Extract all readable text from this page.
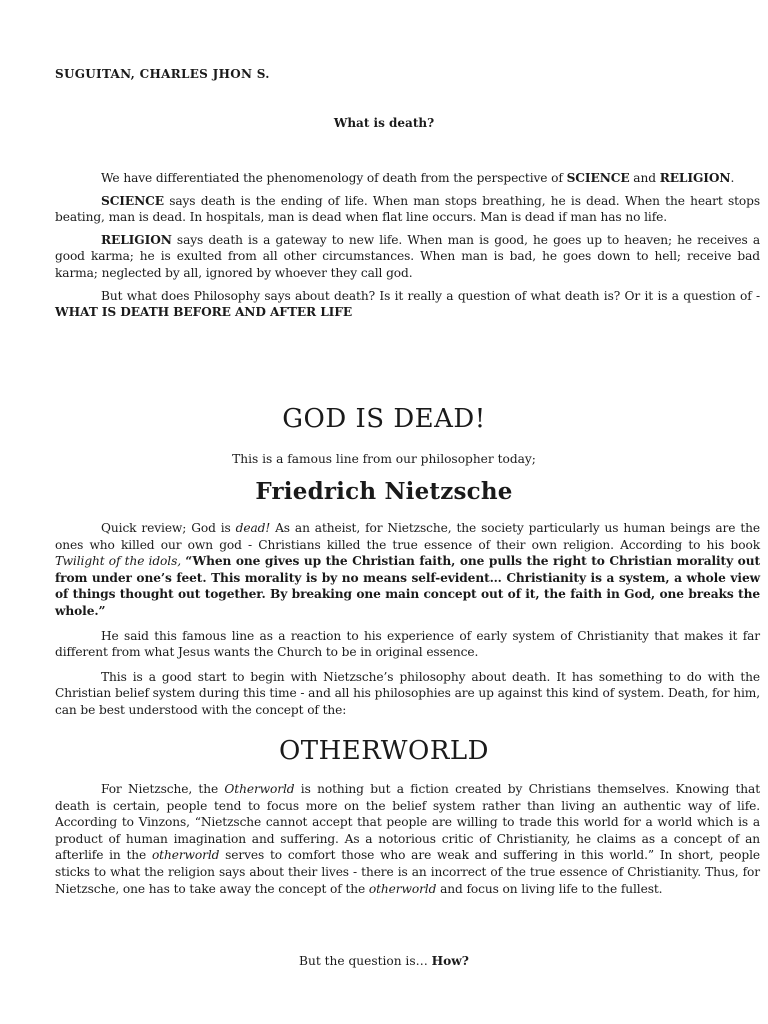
SUGUITAN, CHARLES JHON S.

What is death?

We have differentiated the phenomenology of death from the perspective of SCIENCE and RELIGION.

SCIENCE says death is the ending of life. When man stops breathing, he is dead. When the heart stops beating, man is dead. In hospitals, man is dead when flat line occurs. Man is dead if man has no life.

RELIGION says death is a gateway to new life. When man is good, he goes up to heaven; he receives a good karma; he is exulted from all other circumstances. When man is bad, he goes down to hell; receive bad karma; neglected by all, ignored by whoever they call god.

But what does Philosophy says about death? Is it really a question of what death is? Or it is a question of - WHAT IS DEATH BEFORE AND AFTER LIFE

GOD IS DEAD!

This is a famous line from our philosopher today;

Friedrich Nietzsche

Quick review; God is dead! As an atheist, for Nietzsche, the society particularly us human beings are the ones who killed our own god - Christians killed the true essence of their own religion. According to his book Twilight of the idols, “When one gives up the Christian faith, one pulls the right to Christian morality out from under one’s feet. This morality is by no means self-evident… Christianity is a system, a whole view of things thought out together. By breaking one main concept out of it, the faith in God, one breaks the whole.”

He said this famous line as a reaction to his experience of early system of Christianity that makes it far different from what Jesus wants the Church to be in original essence.

This is a good start to begin with Nietzsche’s philosophy about death. It has something to do with the Christian belief system during this time - and all his philosophies are up against this kind of system. Death, for him, can be best understood with the concept of the:

OTHERWORLD

For Nietzsche, the Otherworld is nothing but a fiction created by Christians themselves. Knowing that death is certain, people tend to focus more on the belief system rather than living an authentic way of life. According to Vinzons, “Nietzsche cannot accept that people are willing to trade this world for a world which is a product of human imagination and suffering. As a notorious critic of Christianity, he claims as a concept of an afterlife in the otherworld serves to comfort those who are weak and suffering in this world.” In short, people sticks to what the religion says about their lives - there is an incorrect of the true essence of Christianity. Thus, for Nietzsche, one has to take away the concept of the otherworld and focus on living life to the fullest.

But the question is… How?
